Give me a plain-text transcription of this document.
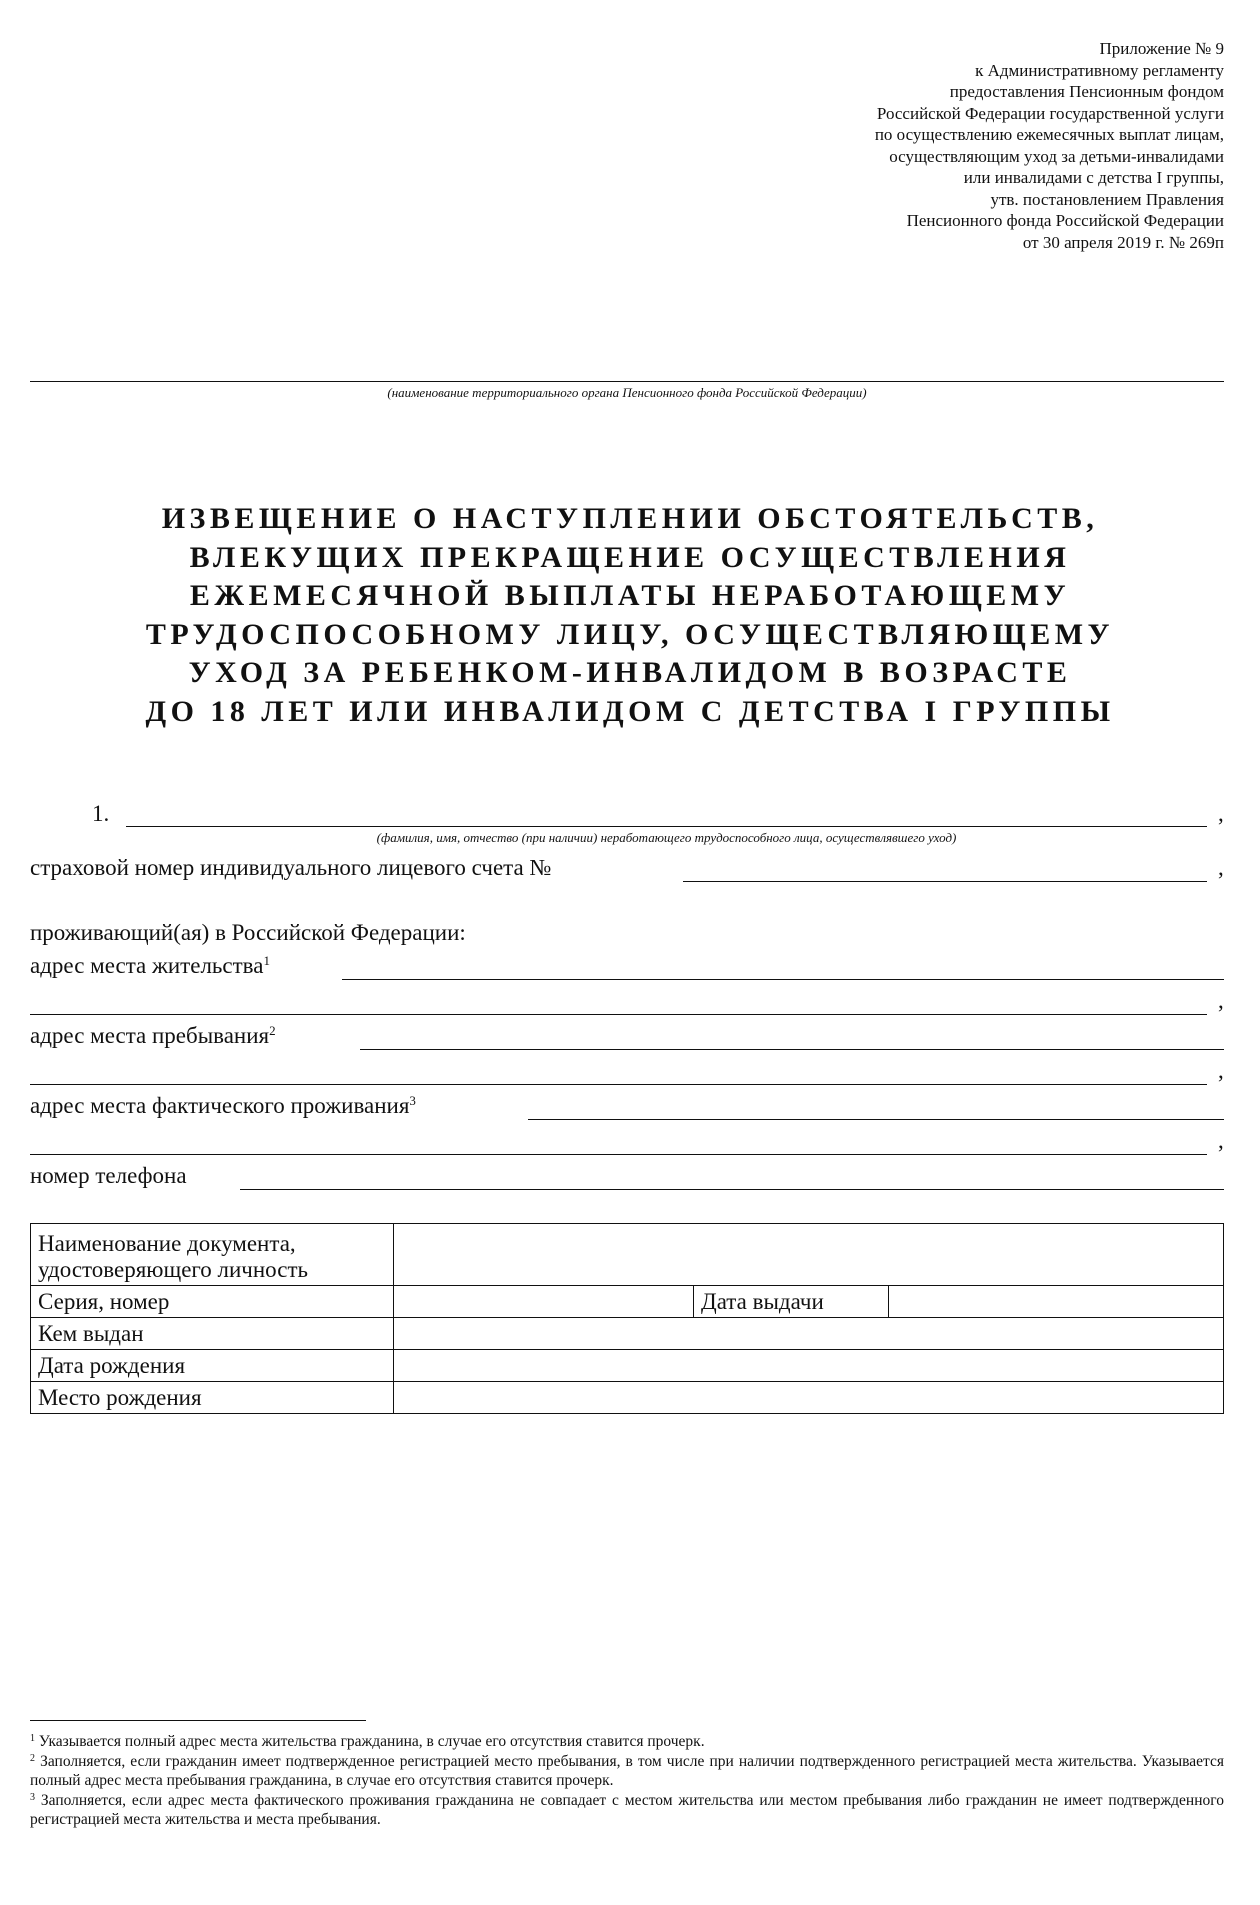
Приложение № 9
к Административному регламенту
предоставления Пенсионным фондом
Российской Федерации государственной услуги
по осуществлению ежемесячных выплат лицам,
осуществляющим уход за детьми-инвалидами
или инвалидами с детства I группы,
утв. постановлением Правления
Пенсионного фонда Российской Федерации
от 30 апреля 2019 г. № 269п
(наименование территориального органа Пенсионного фонда Российской Федерации)
ИЗВЕЩЕНИЕ О НАСТУПЛЕНИИ ОБСТОЯТЕЛЬСТВ,
ВЛЕКУЩИХ ПРЕКРАЩЕНИЕ ОСУЩЕСТВЛЕНИЯ
ЕЖЕМЕСЯЧНОЙ ВЫПЛАТЫ НЕРАБОТАЮЩЕМУ
ТРУДОСПОСОБНОМУ ЛИЦУ, ОСУЩЕСТВЛЯЮЩЕМУ
УХОД ЗА РЕБЕНКОМ-ИНВАЛИДОМ В ВОЗРАСТЕ
ДО 18 ЛЕТ ИЛИ ИНВАЛИДОМ С ДЕТСТВА I ГРУППЫ
1.	,
(фамилия, имя, отчество (при наличии) неработающего трудоспособного лица, осуществлявшего уход)
страховой номер индивидуального лицевого счета №	,
проживающий(ая) в Российской Федерации:
адрес места жительства$^1$
,
адрес места пребывания$^2$
,
адрес места фактического проживания$^3$
,
номер телефона
Наименование документа,
удостоверяющего личность			
Серия, номер		Дата выдачи	
Кем выдан			
Дата рождения			
Место рождения			

$^1$ Указывается полный адрес места жительства гражданина, в случае его отсутствия ставится прочерк.

$^2$ Заполняется, если гражданин имеет подтвержденное регистрацией место пребывания, в том числе при наличии подтвержденного регистрацией места жительства. Указывается полный адрес места пребывания гражданина, в случае его отсутствия ставится прочерк.

$^3$ Заполняется, если адрес места фактического проживания гражданина не совпадает с местом жительства или местом пребывания либо гражданин не имеет подтвержденного регистрацией места жительства и места пребывания.
